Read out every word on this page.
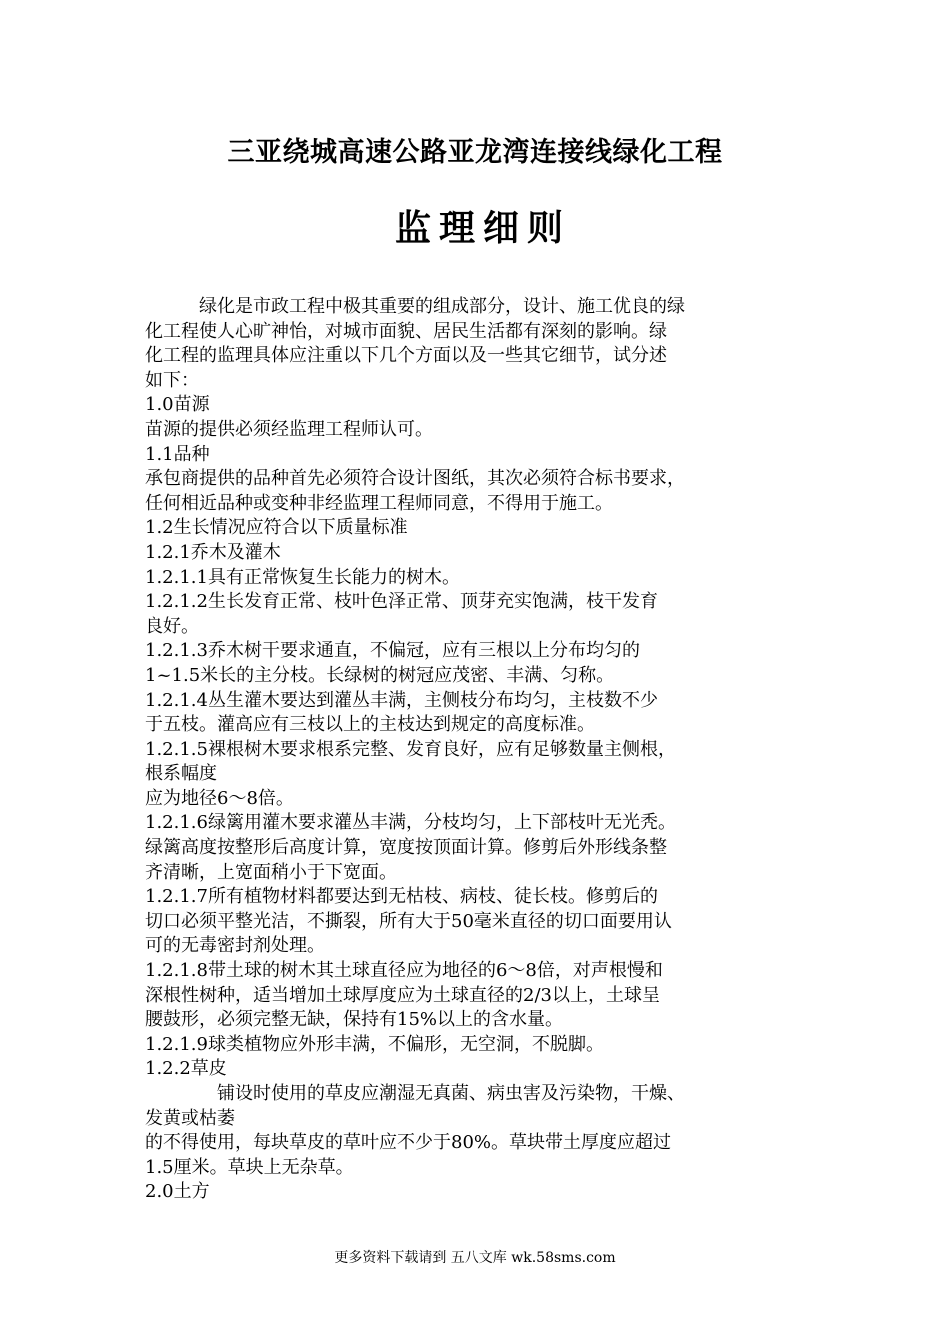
三亚绕城高速公路亚龙湾连接线绿化工程
监理细则
　　　绿化是市政工程中极其重要的组成部分，设计、施工优良的绿
化工程使人心旷神怡，对城市面貌、居民生活都有深刻的影响。绿
化工程的监理具体应注重以下几个方面以及一些其它细节，试分述
如下：
1.0苗源
苗源的提供必须经监理工程师认可。
1.1品种
承包商提供的品种首先必须符合设计图纸，其次必须符合标书要求，
任何相近品种或变种非经监理工程师同意，不得用于施工。
1.2生长情况应符合以下质量标准
1.2.1乔木及灌木
1.2.1.1具有正常恢复生长能力的树木。
1.2.1.2生长发育正常、枝叶色泽正常、顶芽充实饱满，枝干发育
良好。
1.2.1.3乔木树干要求通直，不偏冠，应有三根以上分布均匀的
1~1.5米长的主分枝。长绿树的树冠应茂密、丰满、匀称。
1.2.1.4丛生灌木要达到灌丛丰满，主侧枝分布均匀，主枝数不少
于五枝。灌高应有三枝以上的主枝达到规定的高度标准。
1.2.1.5裸根树木要求根系完整、发育良好，应有足够数量主侧根，
根系幅度
应为地径6～8倍。
1.2.1.6绿篱用灌木要求灌丛丰满，分枝均匀，上下部枝叶无光秃。
绿篱高度按整形后高度计算，宽度按顶面计算。修剪后外形线条整
齐清晰，上宽面稍小于下宽面。
1.2.1.7所有植物材料都要达到无枯枝、病枝、徒长枝。修剪后的
切口必须平整光洁，不撕裂，所有大于50毫米直径的切口面要用认
可的无毒密封剂处理。
1.2.1.8带土球的树木其土球直径应为地径的6～8倍，对声根慢和
深根性树种，适当增加土球厚度应为土球直径的2/3以上，土球呈
腰鼓形，必须完整无缺，保持有15%以上的含水量。
1.2.1.9球类植物应外形丰满，不偏形，无空洞，不脱脚。
1.2.2草皮
　　　　铺设时使用的草皮应潮湿无真菌、病虫害及污染物，干燥、
发黄或枯萎
的不得使用，每块草皮的草叶应不少于80%。草块带土厚度应超过
1.5厘米。草块上无杂草。
2.0土方
更多资料下载请到 五八文库 wk.58sms.com
